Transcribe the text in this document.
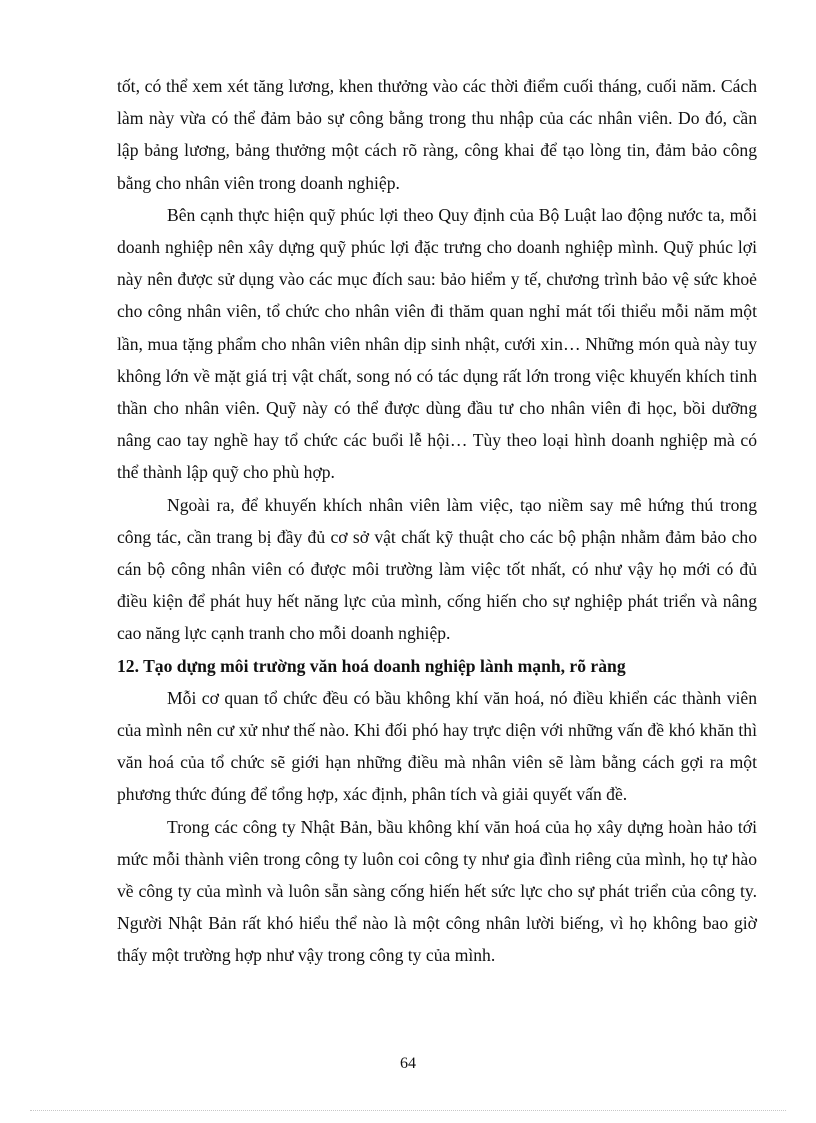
tốt, có thể xem xét tăng lương, khen thưởng vào các thời điểm cuối tháng, cuối năm. Cách làm này vừa có thể đảm bảo sự công bằng trong thu nhập của các nhân viên. Do đó, cần lập bảng lương, bảng thưởng một cách rõ ràng, công khai để tạo lòng tin, đảm bảo công bằng cho nhân viên trong doanh nghiệp.

Bên cạnh thực hiện quỹ phúc lợi theo Quy định của Bộ Luật lao động nước ta, mỗi doanh nghiệp nên xây dựng quỹ phúc lợi đặc trưng cho doanh nghiệp mình. Quỹ phúc lợi này nên được sử dụng vào các mục đích sau: bảo hiểm y tế, chương trình bảo vệ sức khoẻ cho công nhân viên, tổ chức cho nhân viên đi thăm quan nghỉ mát tối thiểu mỗi năm một lần, mua tặng phẩm cho nhân viên nhân dịp sinh nhật, cưới xin… Những món quà này tuy không lớn về mặt giá trị vật chất, song nó có tác dụng rất lớn trong việc khuyến khích tinh thần cho nhân viên. Quỹ này có thể được dùng đầu tư cho nhân viên đi học, bồi dưỡng nâng cao tay nghề hay tổ chức các buổi lễ hội… Tùy theo loại hình doanh nghiệp mà có thể thành lập quỹ cho phù hợp.

Ngoài ra, để khuyến khích nhân viên làm việc, tạo niềm say mê hứng thú trong công tác, cần trang bị đầy đủ cơ sở vật chất kỹ thuật cho các bộ phận nhằm đảm bảo cho cán bộ công nhân viên có được môi trường làm việc tốt nhất, có như vậy họ mới có đủ điều kiện để phát huy hết năng lực của mình, cống hiến cho sự nghiệp phát triển và nâng cao năng lực cạnh tranh cho mỗi doanh nghiệp.

12. Tạo dựng môi trường văn hoá doanh nghiệp lành mạnh, rõ ràng

Mỗi cơ quan tổ chức đều có bầu không khí văn hoá, nó điều khiển các thành viên của mình nên cư xử như thế nào. Khi đối phó hay trực diện với những vấn đề khó khăn thì văn hoá của tổ chức sẽ giới hạn những điều mà nhân viên sẽ làm bằng cách gợi ra một phương thức đúng để tổng hợp, xác định, phân tích và giải quyết vấn đề.

Trong các công ty Nhật Bản, bầu không khí văn hoá của họ xây dựng hoàn hảo tới mức mỗi thành viên trong công ty luôn coi công ty như gia đình riêng của mình, họ tự hào về công ty của mình và luôn sẵn sàng cống hiến hết sức lực cho sự phát triển của công ty. Người Nhật Bản rất khó hiểu thể nào là một công nhân lười biếng, vì họ không bao giờ thấy một trường hợp như vậy trong công ty của mình.

64
